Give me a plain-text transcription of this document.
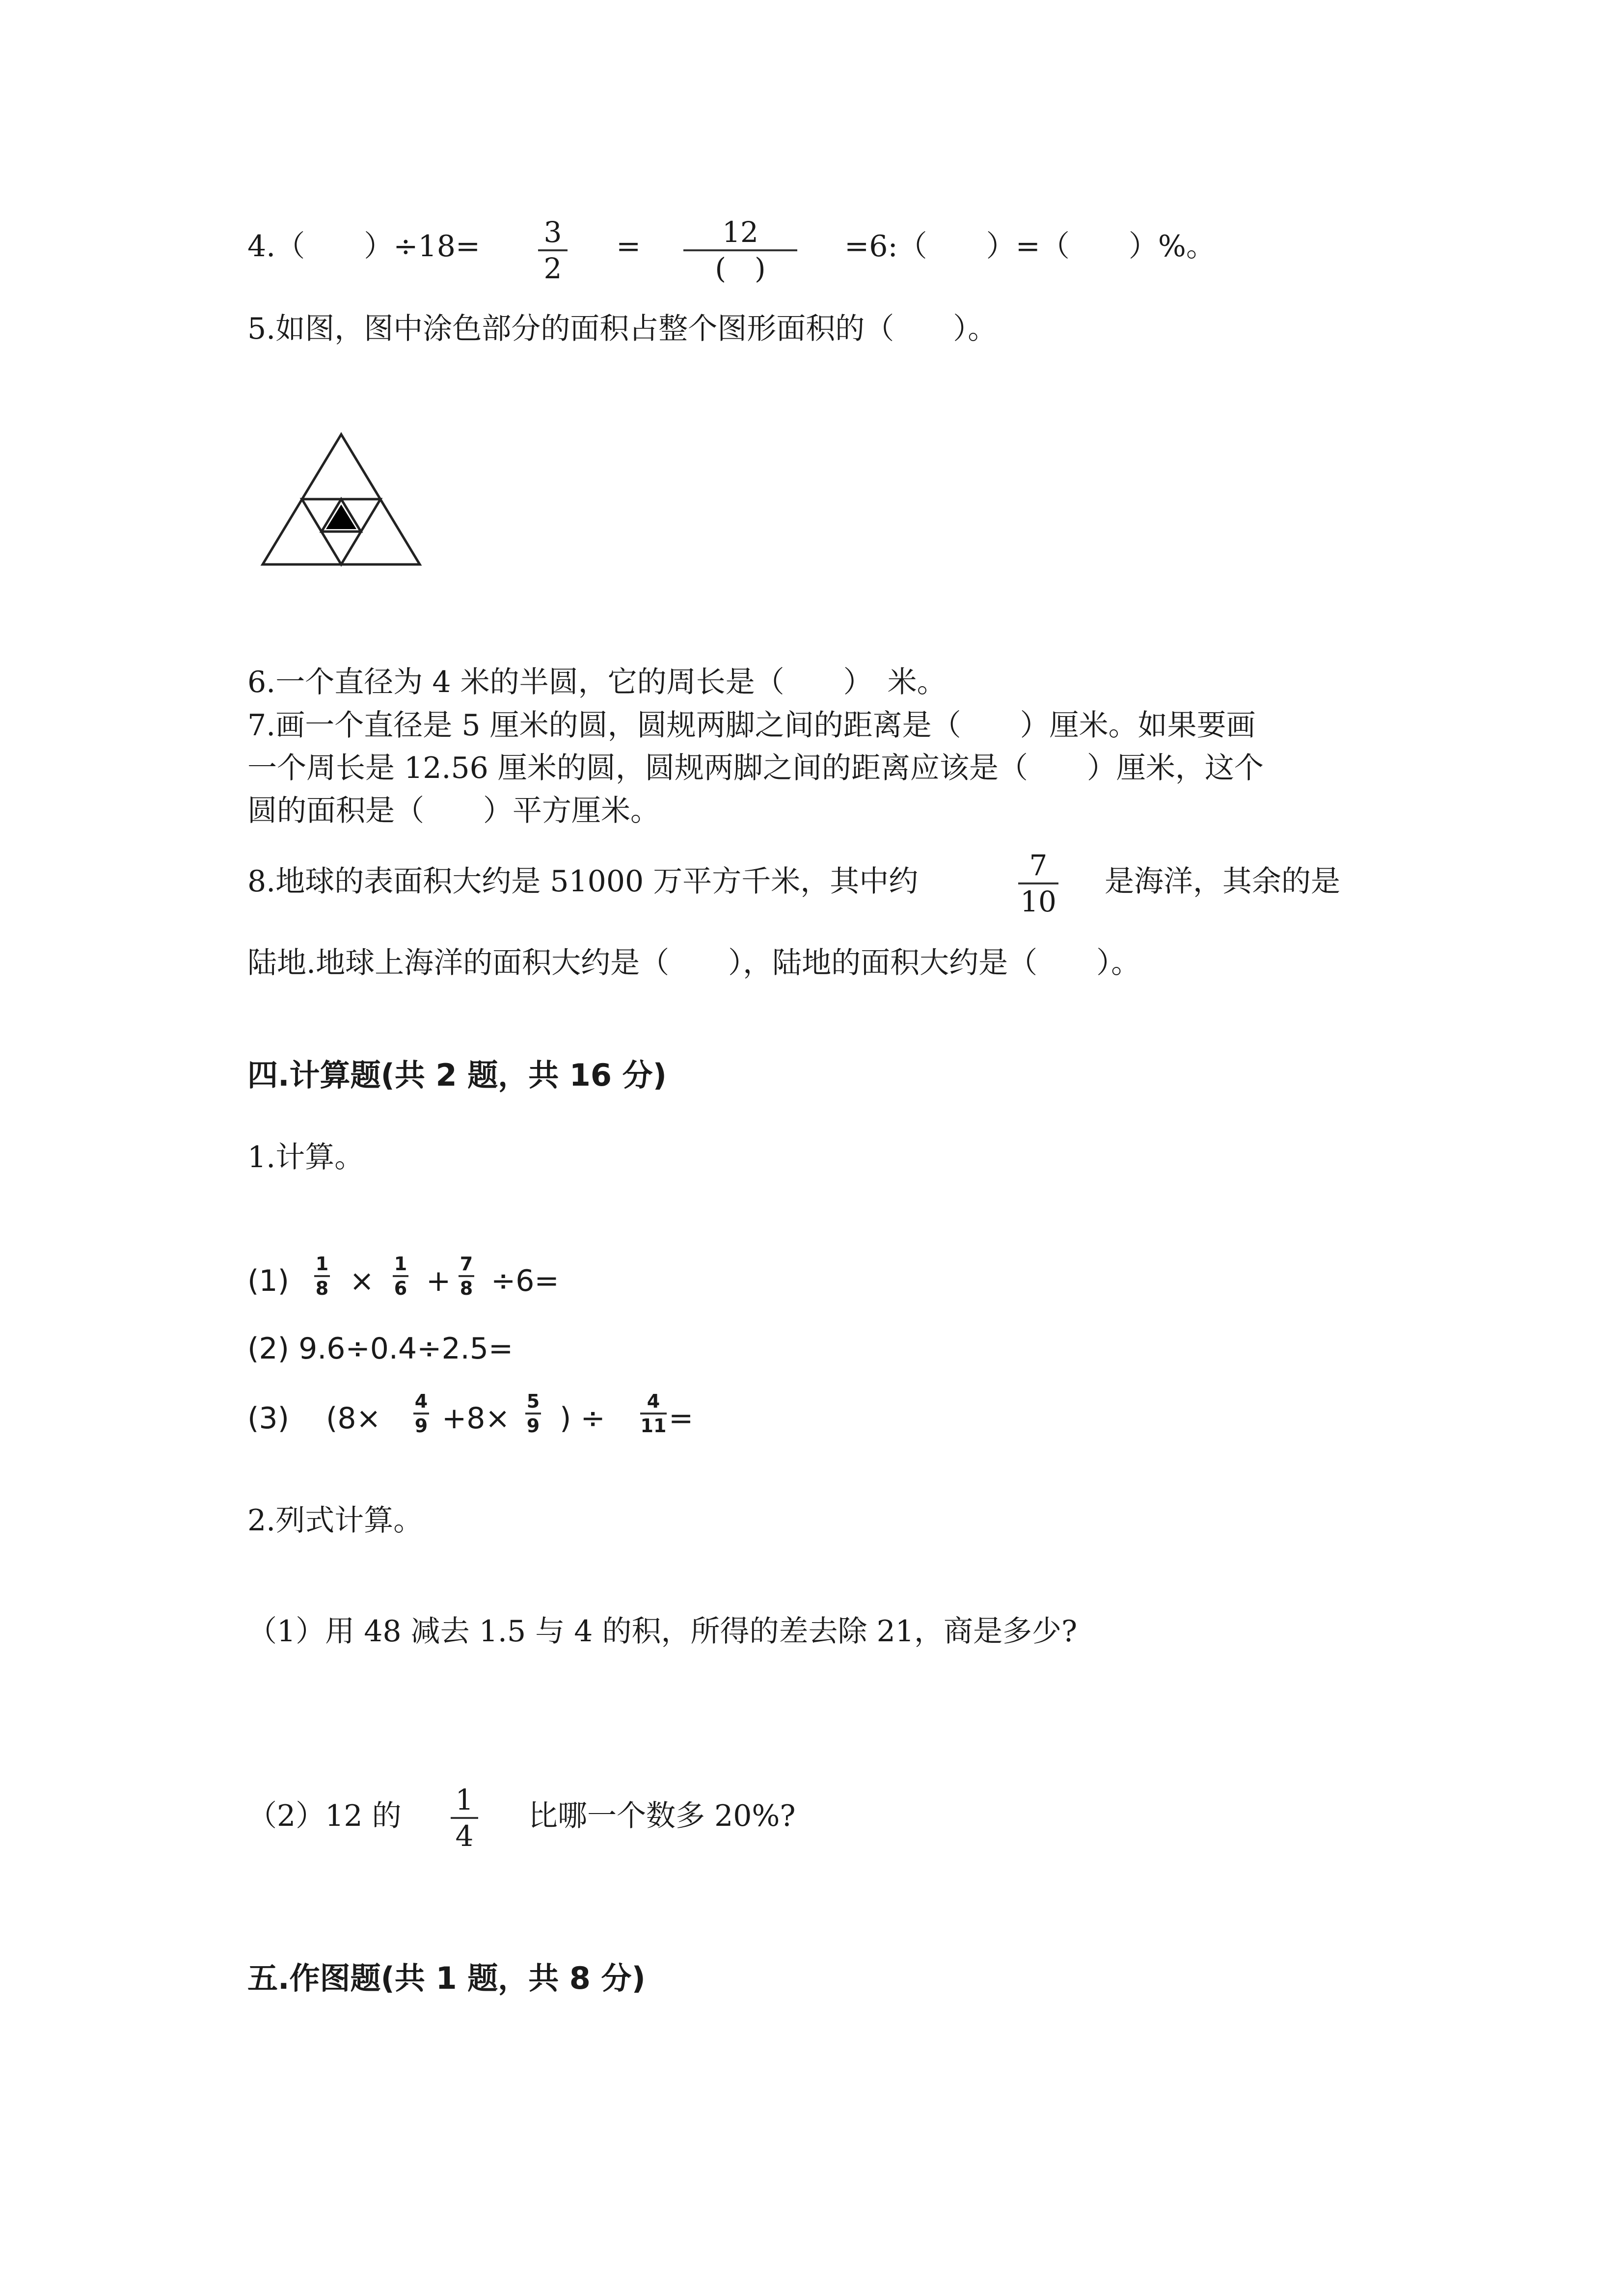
4.（　　）÷18= 3
2
=	12
(　)
=6:（　　）=（　　）%。
5.如图，图中涂色部分的面积占整个图形面积的（　　）。
6.一个直径为 4 米的半圆，它的周长是（　　）　米。
7.画一个直径是 5 厘米的圆，圆规两脚之间的距离是（　　）厘米。如果要画
一个周长是 12.56 厘米的圆，圆规两脚之间的距离应该是（　　）厘米，这个
圆的面积是（　　）平方厘米。
8.地球的表面积大约是 51000 万平方千米，其中约	7
10
是海洋，其余的是
陆地.地球上海洋的面积大约是（　　），陆地的面积大约是（　　）。
四.计算题(共 2 题，共 16 分)
1.计算。
(1) 1
8 × 1
6 + 7
8 ÷6=
(2) 9.6÷0.4÷2.5=
(3) (8× 4
9 +8× 5
9 ) ÷	4
11 =
2.列式计算。
（1）用 48 减去 1.5 与 4 的积，所得的差去除 21，商是多少?
（2）12 的 1
4
比哪一个数多 20%?
五.作图题(共 1 题，共 8 分)
